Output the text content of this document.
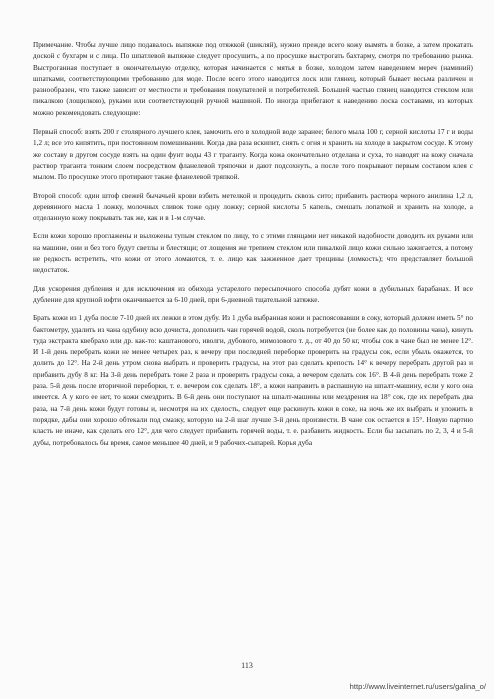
Примечание. Чтобы лучше лицо подавалось выпяжке под отяжкой (шикляй), нужно прежде всего кожу вымять в бозке, а затем прокатать доской с бухгарм и с лица. По шпатлевой выпяжке следует просушить, а по просушке выстрогать бахтарму, смотря по требованию рынка. Выстроганная поступает в окончательную отделку, которая начинается с мятья в бозке, холодом затем наведением мереч (наминий) шпатками, соответствующими требованию для моде. После всего этого наводится лоск или глянец, который бывает весьма различен и разнообразен, что также зависит от местности и требования покупателей и потребителей. Большей частью глянец наводится стеклом или пикалкою (лощилкою), руками или соответствующей ручной машиной. По иногда прибегают к наведению лоска составами, из которых можно рекомендовать следующие:

Первый способ: взять 200 г столярного лучшего клея, замочить его в холодной воде заранее; белого мыла 100 г, серной кислоты 17 г и воды 1,2 л; все это кипятить, при постоянном помешивании. Когда два раза вскипит, снять с огня и хранить на холоде в закрытом сосуде. К этому же составу в другом сосуде взять на один фунт воды 43 г траганту. Когда кожа окончательно отделана и суха, то наводят на кожу сначала раствор траганта тонким слоем посредством фланелевой тряпочки и дают подсохнуть, а после того покрывают первым составом клея с мылом. По просушке этого протирают также фланелевой тряпкой.

Второй способ: один штоф свежей бычачьей крови взбить метелкой и процедить сквозь сито; прибавить раствора черного анилина 1,2 л, деревянного масла 1 ложку, молочных сливок тоже одну ложку; серной кислоты 5 капель, смешать лопаткой и хранить на холоде, а отделанную кожу покрывать так же, как и в 1-м случае.

Если кожи хорошо проглажены и выложены тупым стеклом по лицу, то с этими глянцами нет никакой надобности доводить их руками или на машине, они и без того будут светлы и блестящи; от лощения же трепием стеклом или пикалкой лицо кожи сильно зажигается, а потому не редкость встретить, что кожи от этого ломаются, т. е. лицо как зажженное дает трещины (ломкость); что представляет большой недостаток.

Для ускорения дубления и для исключения из обихода устарелого пересыпочного способа дубят кожи в дубильных барабанах. И все дубление для крупной юфти оканчивается за 6-10 дней, при 6-дневной тщательной затяжке.

Брать кожи из 1 дуба после 7-10 дней их лежки в этом дубу. Из 1 дуба выбранная кожи и распоясовавши в соку, который должен иметь 5° по бактометру, удалить из чана одубину всю дочиста, дополнить чан горячей водой, сколь потребуется (не более как до половины чана), кинуть туда экстракта квебрахо или др. как-то: каштанового, иволги, дубового, мимозового т. д., от 40 до 50 кг, чтобы сок в чане был не менее 12°. И 1-й день перебрать кожи не менее четырех раз, к вечеру при последней переборке проверить на градусы сок, если убыль окажется, то долить до 12°. На 2-й день утром снова выбрать и проверить градусы, на этот раз сделать крепость 14° к вечеру перебрать другой раз и прибавить дубу 8 кг. На 3-й день перебрать тоже 2 раза и проверить градусы сока, а вечером сделать сок 16°. В 4-й день перебрать тоже 2 раза. 5-й день после вторичной переборки, т. е. вечером сок сделать 18°, а кожи направить в распашную на шпалт-машину, если у кого она имеется. А у кого ее нет, то кожи смездрить. В 6-й день они поступают на шпалт-машины или мездрения на 18° сок, где их перебрать два раза, на 7-й день кожи будут готовы и, несмотря на их сделость, следует еще раскинуть кожи в соке, на ночь же их выбрать и уложить в порядке, дабы они хорошо обтекали под смазку, которую на 2-й шаг лучше 3-й день произвести. В чане сок остается в 15°. Новую партию класть не иначе, как сделать его 12°, для чего следует прибавить горячей воды, т. е. разбавить жидкость. Если бы засыпать по 2, 3, 4 и 5-й дубы, потребовалось бы время, самое меньшее 40 дней, и 9 рабочих-сыпарей. Корья дуба

113
http://www.liveinternet.ru/users/galina_o/
